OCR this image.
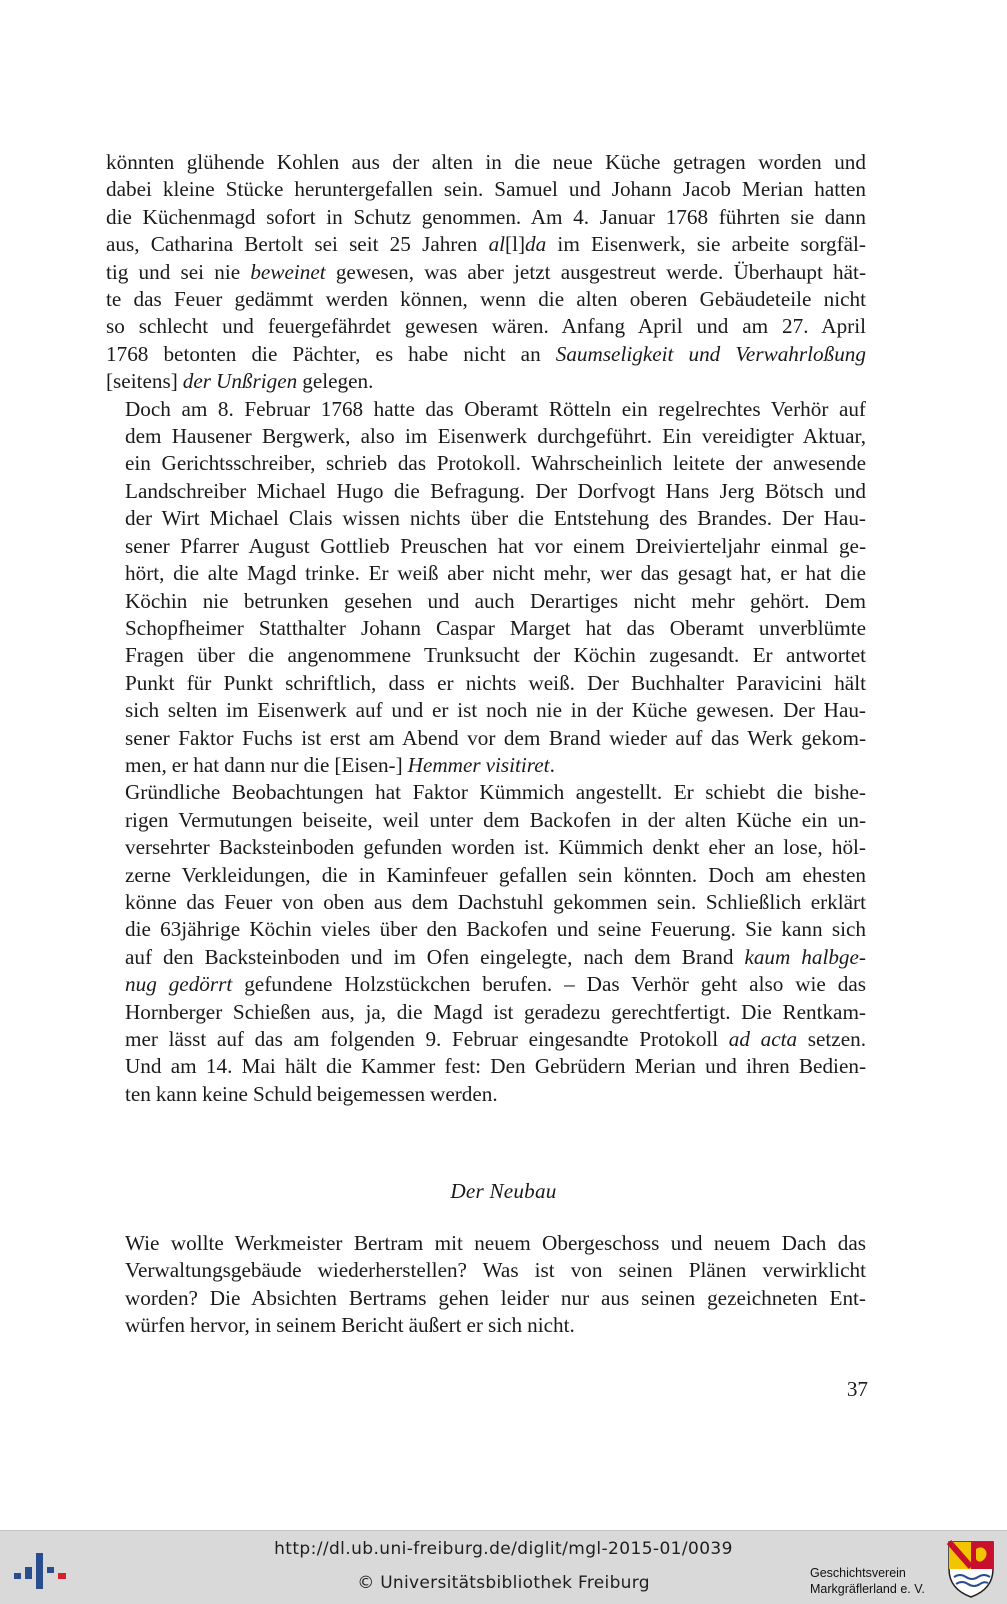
könnten glühende Kohlen aus der alten in die neue Küche getragen worden und
dabei kleine Stücke heruntergefallen sein. Samuel und Johann Jacob Merian hatten
die Küchenmagd sofort in Schutz genommen. Am 4. Januar 1768 führten sie dann
aus, Catharina Bertolt sei seit 25 Jahren al[l]da im Eisenwerk, sie arbeite sorgfäl-
tig und sei nie beweinet gewesen, was aber jetzt ausgestreut werde. Überhaupt hät-
te das Feuer gedämmt werden können, wenn die alten oberen Gebäudeteile nicht
so schlecht und feuergefährdet gewesen wären. Anfang April und am 27. April
1768 betonten die Pächter, es habe nicht an Saumseligkeit und Verwahrloßung
[seitens] der Unßrigen gelegen.

Doch am 8. Februar 1768 hatte das Oberamt Rötteln ein regelrechtes Verhör auf
dem Hausener Bergwerk, also im Eisenwerk durchgeführt. Ein vereidigter Aktuar,
ein Gerichtsschreiber, schrieb das Protokoll. Wahrscheinlich leitete der anwesende
Landschreiber Michael Hugo die Befragung. Der Dorfvogt Hans Jerg Bötsch und
der Wirt Michael Clais wissen nichts über die Entstehung des Brandes. Der Hau-
sener Pfarrer August Gottlieb Preuschen hat vor einem Dreivierteljahr einmal ge-
hört, die alte Magd trinke. Er weiß aber nicht mehr, wer das gesagt hat, er hat die
Köchin nie betrunken gesehen und auch Derartiges nicht mehr gehört. Dem
Schopfheimer Statthalter Johann Caspar Marget hat das Oberamt unverblümte
Fragen über die angenommene Trunksucht der Köchin zugesandt. Er antwortet
Punkt für Punkt schriftlich, dass er nichts weiß. Der Buchhalter Paravicini hält
sich selten im Eisenwerk auf und er ist noch nie in der Küche gewesen. Der Hau-
sener Faktor Fuchs ist erst am Abend vor dem Brand wieder auf das Werk gekom-
men, er hat dann nur die [Eisen-] Hemmer visitiret.

Gründliche Beobachtungen hat Faktor Kümmich angestellt. Er schiebt die bishe-
rigen Vermutungen beiseite, weil unter dem Backofen in der alten Küche ein un-
versehrter Backsteinboden gefunden worden ist. Kümmich denkt eher an lose, höl-
zerne Verkleidungen, die in Kaminfeuer gefallen sein könnten. Doch am ehesten
könne das Feuer von oben aus dem Dachstuhl gekommen sein. Schließlich erklärt
die 63jährige Köchin vieles über den Backofen und seine Feuerung. Sie kann sich
auf den Backsteinboden und im Ofen eingelegte, nach dem Brand kaum halbge-
nug gedörrt gefundene Holzstückchen berufen. – Das Verhör geht also wie das
Hornberger Schießen aus, ja, die Magd ist geradezu gerechtfertigt. Die Rentkam-
mer lässt auf das am folgenden 9. Februar eingesandte Protokoll ad acta setzen.
Und am 14. Mai hält die Kammer fest: Den Gebrüdern Merian und ihren Bedien-
ten kann keine Schuld beigemessen werden.

Der Neubau

Wie wollte Werkmeister Bertram mit neuem Obergeschoss und neuem Dach das
Verwaltungsgebäude wiederherstellen? Was ist von seinen Plänen verwirklicht
worden? Die Absichten Bertrams gehen leider nur aus seinen gezeichneten Ent-
würfen hervor, in seinem Bericht äußert er sich nicht.

37
http://dl.ub.uni-freiburg.de/diglit/mgl-2015-01/0039
© Universitätsbibliothek Freiburg	Geschichtsverein
Markgräflerland e. V.
